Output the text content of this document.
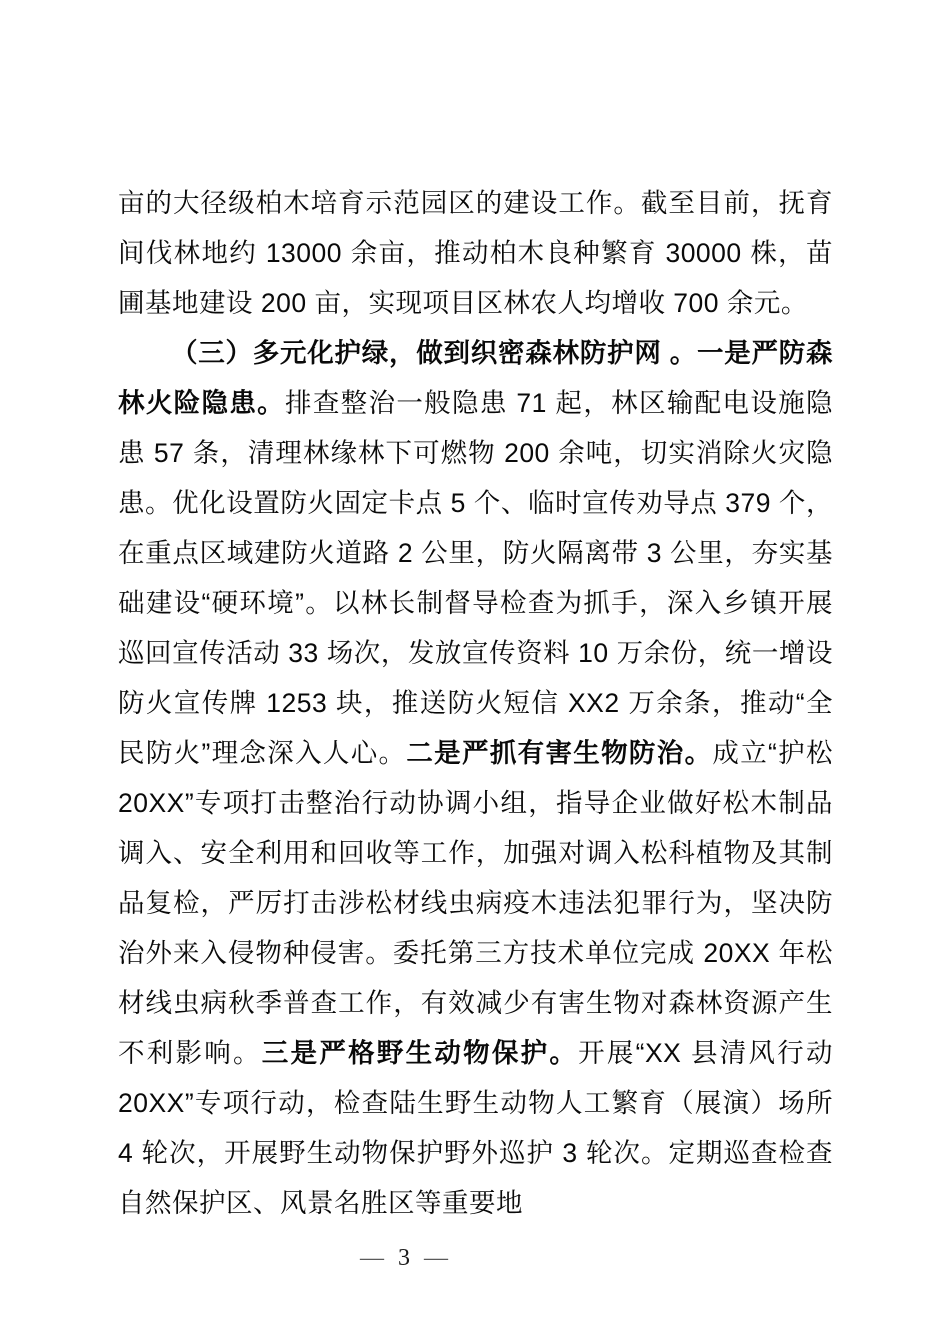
亩的大径级柏木培育示范园区的建设工作。截至目前，抚育间伐林地约 13000 余亩，推动柏木良种繁育 30000 株，苗圃基地建设 200 亩，实现项目区林农人均增收 700 余元。

（三）多元化护绿，做到织密森林防护网 。一是严防森林火险隐患。排查整治一般隐患 71 起，林区输配电设施隐患 57 条，清理林缘林下可燃物 200 余吨，切实消除火灾隐患。优化设置防火固定卡点 5 个、临时宣传劝导点 379 个，在重点区域建防火道路 2 公里，防火隔离带 3 公里，夯实基础建设“硬环境”。以林长制督导检查为抓手，深入乡镇开展巡回宣传活动 33 场次，发放宣传资料 10 万余份，统一增设防火宣传牌 1253 块，推送防火短信 XX2 万余条，推动“全民防火”理念深入人心。二是严抓有害生物防治。成立“护松 20XX”专项打击整治行动协调小组，指导企业做好松木制品调入、安全利用和回收等工作，加强对调入松科植物及其制品复检，严厉打击涉松材线虫病疫木违法犯罪行为，坚决防治外来入侵物种侵害。委托第三方技术单位完成 20XX 年松材线虫病秋季普查工作，有效减少有害生物对森林资源产生不利影响。三是严格野生动物保护。开展“XX 县清风行动 20XX”专项行动，检查陆生野生动物人工繁育（展演）场所 4 轮次，开展野生动物保护野外巡护 3 轮次。定期巡查检查自然保护区、风景名胜区等重要地

— 3 —
